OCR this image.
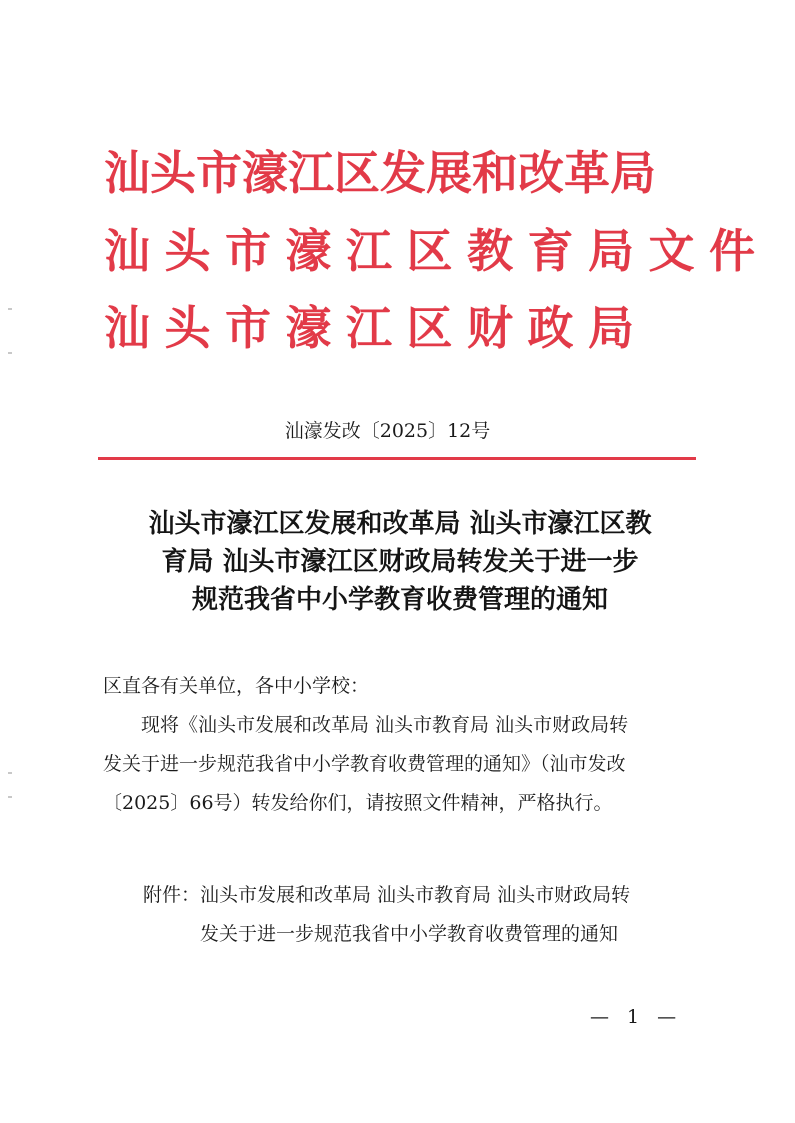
汕头市濠江区发展和改革局
汕头市濠江区教育局文件
汕头市濠江区财政局
汕濠发改〔2025〕12号
汕头市濠江区发展和改革局 汕头市濠江区教
育局 汕头市濠江区财政局转发关于进一步
规范我省中小学教育收费管理的通知
区直各有关单位，各中小学校：
现将《汕头市发展和改革局 汕头市教育局 汕头市财政局转
发关于进一步规范我省中小学教育收费管理的通知》（汕市发改
〔2025〕66号）转发给你们，请按照文件精神，严格执行。
附件：汕头市发展和改革局 汕头市教育局 汕头市财政局转
发关于进一步规范我省中小学教育收费管理的通知
— 1 —
